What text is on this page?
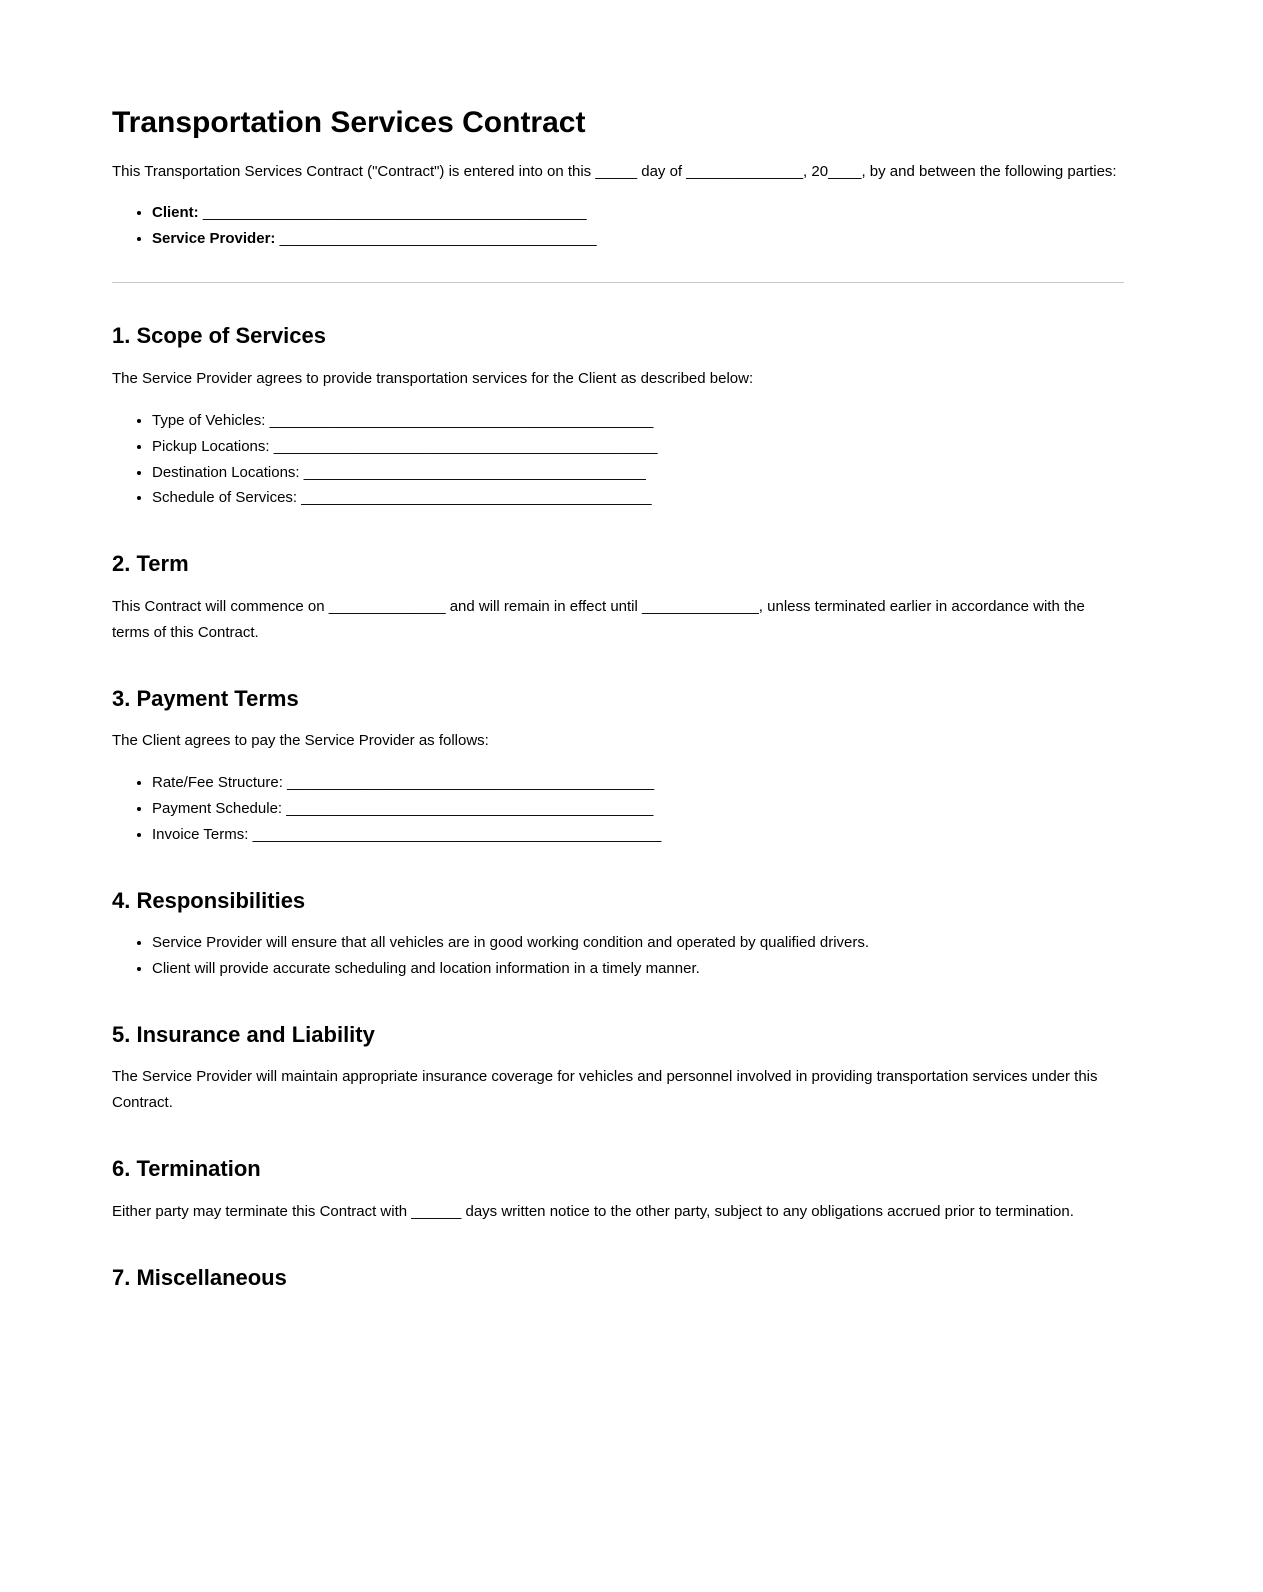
Transportation Services Contract

This Transportation Services Contract ("Contract") is entered into on this _____ day of ______________, 20____, by and between the following parties:

• Client: ______________________________________________
• Service Provider: ______________________________________
1. Scope of Services

The Service Provider agrees to provide transportation services for the Client as described below:

• Type of Vehicles: ______________________________________________
• Pickup Locations: ______________________________________________
• Destination Locations: _________________________________________
• Schedule of Services: __________________________________________
2. Term

This Contract will commence on ______________ and will remain in effect until ______________, unless terminated earlier in accordance with the terms of this Contract.

3. Payment Terms

The Client agrees to pay the Service Provider as follows:

• Rate/Fee Structure: ____________________________________________
• Payment Schedule: ____________________________________________
• Invoice Terms: _________________________________________________
4. Responsibilities
• Service Provider will ensure that all vehicles are in good working condition and operated by qualified drivers.
• Client will provide accurate scheduling and location information in a timely manner.
5. Insurance and Liability

The Service Provider will maintain appropriate insurance coverage for vehicles and personnel involved in providing transportation services under this Contract.

6. Termination

Either party may terminate this Contract with ______ days written notice to the other party, subject to any obligations accrued prior to termination.

7. Miscellaneous
